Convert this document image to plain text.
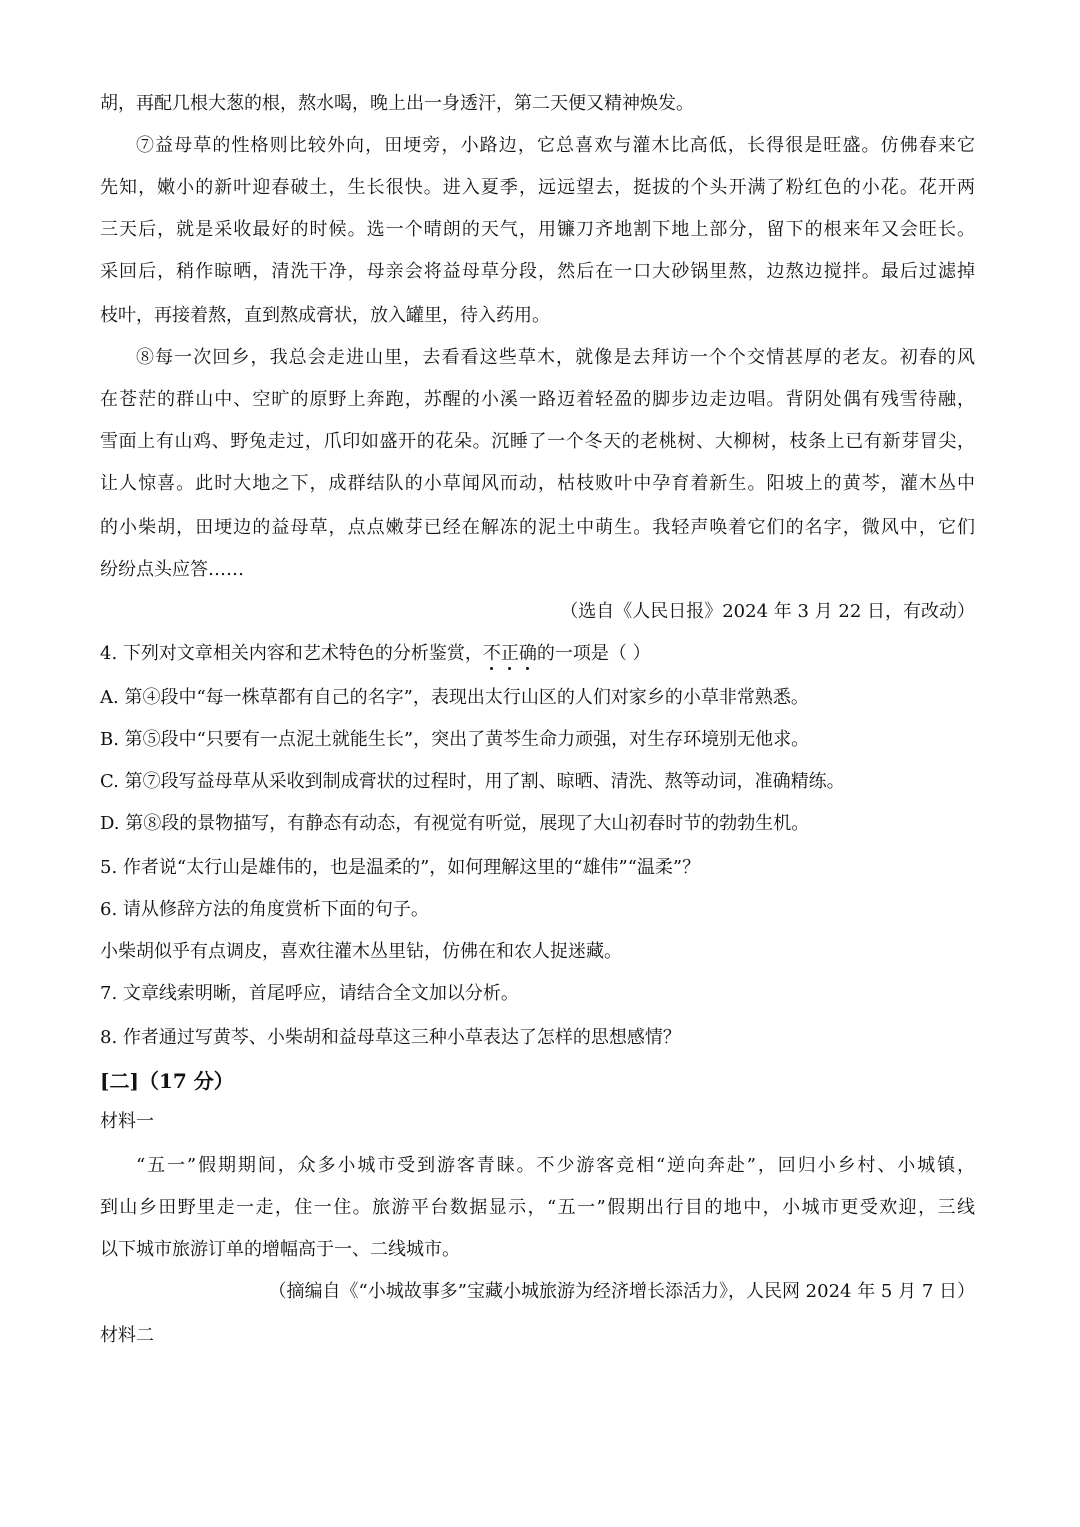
胡，再配几根大葱的根，熬水喝，晚上出一身透汗，第二天便又精神焕发。
⑦益母草的性格则比较外向，田埂旁，小路边，它总喜欢与灌木比高低，长得很是旺盛。仿佛春来它
先知，嫩小的新叶迎春破土，生长很快。进入夏季，远远望去，挺拔的个头开满了粉红色的小花。花开两
三天后，就是采收最好的时候。选一个晴朗的天气，用镰刀齐地割下地上部分，留下的根来年又会旺长。
采回后，稍作晾晒，清洗干净，母亲会将益母草分段，然后在一口大砂锅里熬，边熬边搅拌。最后过滤掉
枝叶，再接着熬，直到熬成膏状，放入罐里，待入药用。
⑧每一次回乡，我总会走进山里，去看看这些草木，就像是去拜访一个个交情甚厚的老友。初春的风
在苍茫的群山中、空旷的原野上奔跑，苏醒的小溪一路迈着轻盈的脚步边走边唱。背阴处偶有残雪待融，
雪面上有山鸡、野兔走过，爪印如盛开的花朵。沉睡了一个冬天的老桃树、大柳树，枝条上已有新芽冒尖，
让人惊喜。此时大地之下，成群结队的小草闻风而动，枯枝败叶中孕育着新生。阳坡上的黄芩，灌木丛中
的小柴胡，田埂边的益母草，点点嫩芽已经在解冻的泥土中萌生。我轻声唤着它们的名字，微风中，它们
纷纷点头应答……
（选自《人民日报》2024 年 3 月 22 日，有改动）
4. 下列对文章相关内容和艺术特色的分析鉴赏，不正确的一项是（ ）
A. 第④段中“每一株草都有自己的名字”，表现出太行山区的人们对家乡的小草非常熟悉。
B. 第⑤段中“只要有一点泥土就能生长”，突出了黄芩生命力顽强，对生存环境别无他求。
C. 第⑦段写益母草从采收到制成膏状的过程时，用了割、晾晒、清洗、熬等动词，准确精练。
D. 第⑧段的景物描写，有静态有动态，有视觉有听觉，展现了大山初春时节的勃勃生机。
5. 作者说“太行山是雄伟的，也是温柔的”，如何理解这里的“雄伟”“温柔”？
6. 请从修辞方法的角度赏析下面的句子。
小柴胡似乎有点调皮，喜欢往灌木丛里钻，仿佛在和农人捉迷藏。
7. 文章线索明晰，首尾呼应，请结合全文加以分析。
8. 作者通过写黄芩、小柴胡和益母草这三种小草表达了怎样的思想感情？
[二]（17 分）
材料一
“五一”假期期间，众多小城市受到游客青睐。不少游客竞相“逆向奔赴”，回归小乡村、小城镇，
到山乡田野里走一走，住一住。旅游平台数据显示，“五一”假期出行目的地中，小城市更受欢迎，三线
以下城市旅游订单的增幅高于一、二线城市。
（摘编自《“小城故事多”宝藏小城旅游为经济增长添活力》，人民网 2024 年 5 月 7 日）
材料二
